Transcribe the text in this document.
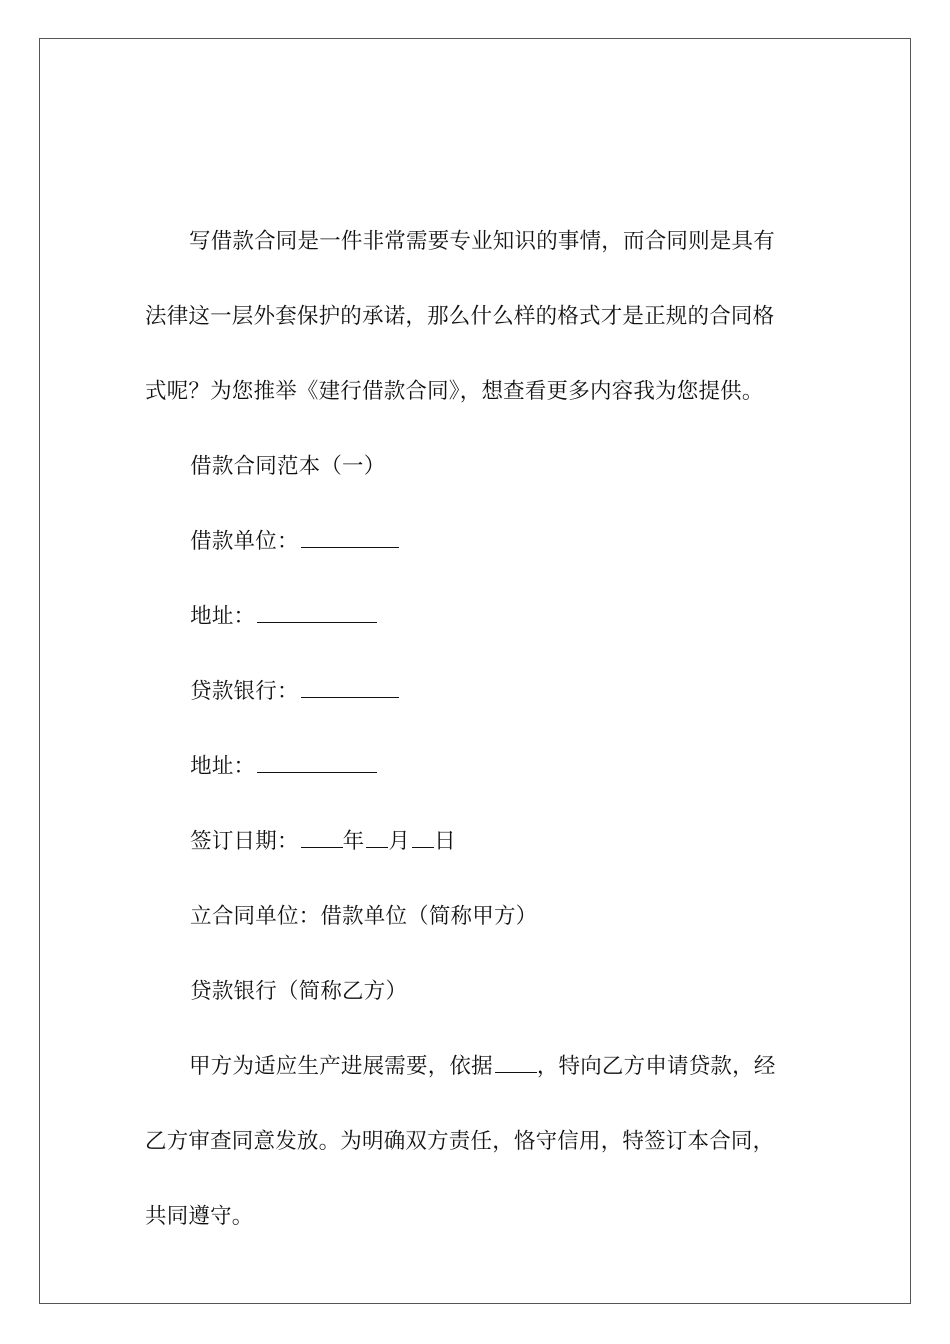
写借款合同是一件非常需要专业知识的事情，而合同则是具有
法律这一层外套保护的承诺，那么什么样的格式才是正规的合同格
式呢？为您推举《建行借款合同》，想查看更多内容我为您提供。

借款合同范本（一）

借款单位：

地址：

贷款银行：

地址：

签订日期： 年 月 日

立合同单位：借款单位（简称甲方）

贷款银行（简称乙方）

甲方为适应生产进展需要，依据 ，特向乙方申请贷款，经
乙方审查同意发放。为明确双方责任，恪守信用，特签订本合同，
共同遵守。
